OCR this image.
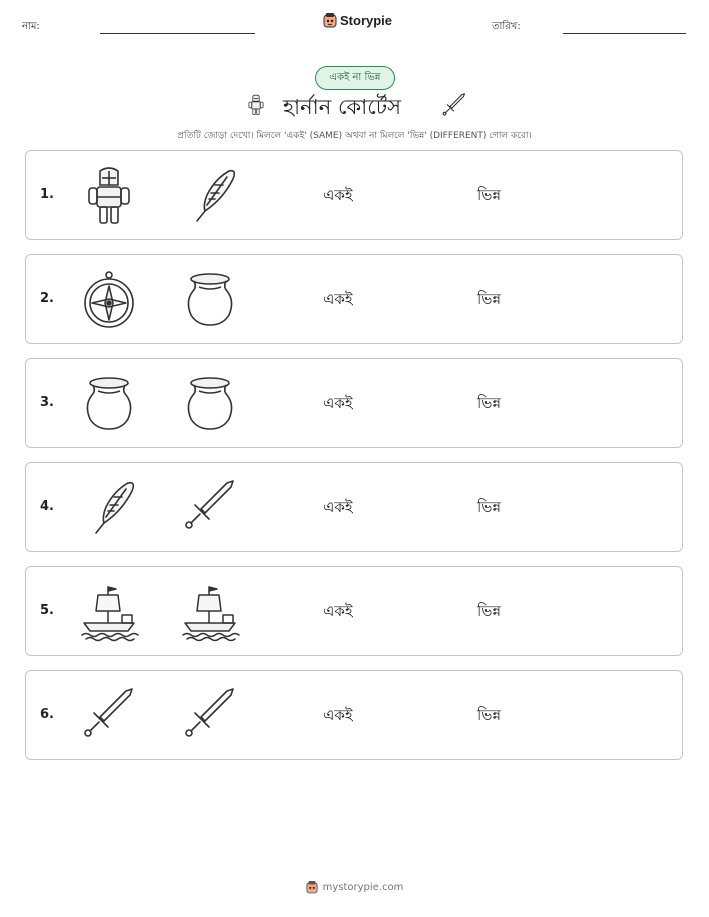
নাম:	Storypie	তারিখ:
একই না ভিন্ন
হার্নান কোর্টেস
প্রতিটি জোড়া দেখো। মিললে 'একই' (SAME) অথবা না মিললে 'ভিন্ন' (DIFFERENT) গোল করো।
1.	একই	ভিন্ন
2.	একই	ভিন্ন
3.	একই	ভিন্ন
4.	একই	ভিন্ন
5.	একই	ভিন্ন
6.	একই	ভিন্ন
mystorypie.com
